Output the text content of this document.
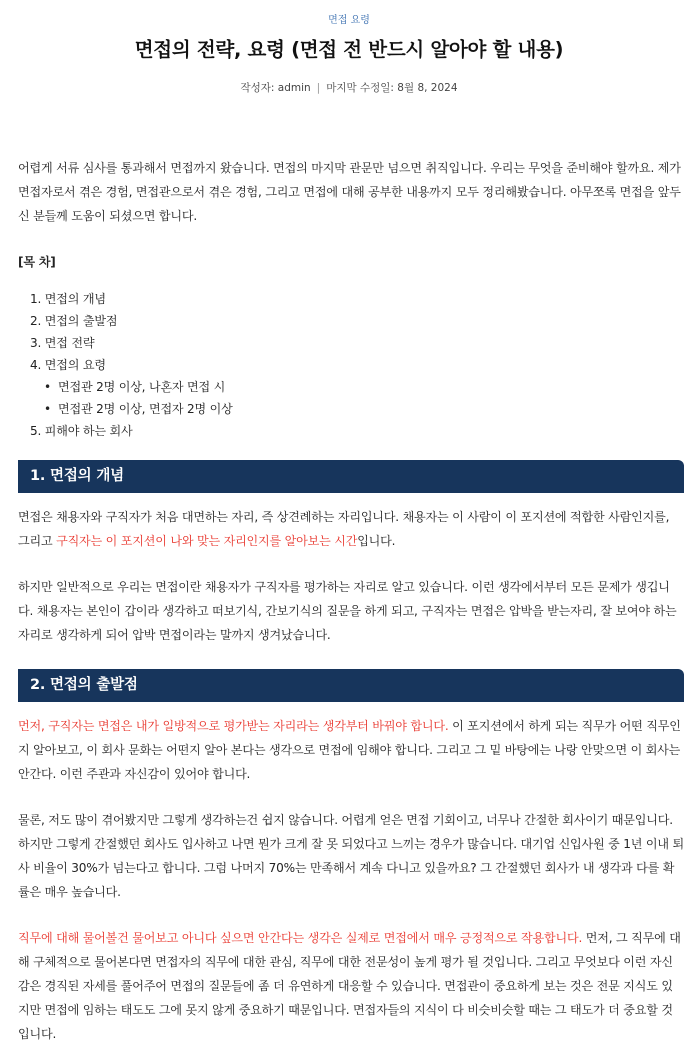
면접 요령
면접의 전략, 요령 (면접 전 반드시 알아야 할 내용)
작성자: admin | 마지막 수정일: 8월 8, 2024

어렵게 서류 심사를 통과해서 면접까지 왔습니다. 면접의 마지막 관문만 넘으면 취직입니다. 우리는 무엇을 준비해야 할까요. 제가 면접자로서 겪은 경험, 면접관으로서 겪은 경험, 그리고 면접에 대해 공부한 내용까지 모두 정리해봤습니다. 아무쪼록 면접을 앞두신 분들께 도움이 되셨으면 합니다.

[목 차]
1. 면접의 개념
2. 면접의 출발점
3. 면접 전략
4. 면접의 요령
• 면접관 2명 이상, 나혼자 면접 시
• 면접관 2명 이상, 면접자 2명 이상
5. 피해야 하는 회사
1. 면접의 개념

면접은 채용자와 구직자가 처음 대면하는 자리, 즉 상견례하는 자리입니다. 채용자는 이 사람이 이 포지션에 적합한 사람인지를, 그리고 구직자는 이 포지션이 나와 맞는 자리인지를 알아보는 시간입니다.

하지만 일반적으로 우리는 면접이란 채용자가 구직자를 평가하는 자리로 알고 있습니다. 이런 생각에서부터 모든 문제가 생깁니다. 채용자는 본인이 갑이라 생각하고 떠보기식, 간보기식의 질문을 하게 되고, 구직자는 면접은 압박을 받는자리, 잘 보여야 하는 자리로 생각하게 되어 압박 면접이라는 말까지 생겨났습니다.

2. 면접의 출발점

먼저, 구직자는 면접은 내가 일방적으로 평가받는 자리라는 생각부터 바꿔야 합니다. 이 포지션에서 하게 되는 직무가 어떤 직무인지 알아보고, 이 회사 문화는 어떤지 알아 본다는 생각으로 면접에 임해야 합니다. 그리고 그 밑 바탕에는 나랑 안맞으면 이 회사는 안간다. 이런 주관과 자신감이 있어야 합니다.

물론, 저도 많이 겪어봤지만 그렇게 생각하는건 쉽지 않습니다. 어렵게 얻은 면접 기회이고, 너무나 간절한 회사이기 때문입니다. 하지만 그렇게 간절했던 회사도 입사하고 나면 뭔가 크게 잘 못 되었다고 느끼는 경우가 많습니다. 대기업 신입사원 중 1년 이내 퇴사 비율이 30%가 넘는다고 합니다. 그럼 나머지 70%는 만족해서 계속 다니고 있을까요? 그 간절했던 회사가 내 생각과 다를 확률은 매우 높습니다.

직무에 대해 물어볼건 물어보고 아니다 싶으면 안간다는 생각은 실제로 면접에서 매우 긍정적으로 작용합니다. 먼저, 그 직무에 대해 구체적으로 물어본다면 면접자의 직무에 대한 관심, 직무에 대한 전문성이 높게 평가 될 것입니다. 그리고 무엇보다 이런 자신감은 경직된 자세를 풀어주어 면접의 질문들에 좀 더 유연하게 대응할 수 있습니다. 면접관이 중요하게 보는 것은 전문 지식도 있지만 면접에 임하는 태도도 그에 못지 않게 중요하기 때문입니다. 면접자들의 지식이 다 비슷비슷할 때는 그 태도가 더 중요할 것입니다.
